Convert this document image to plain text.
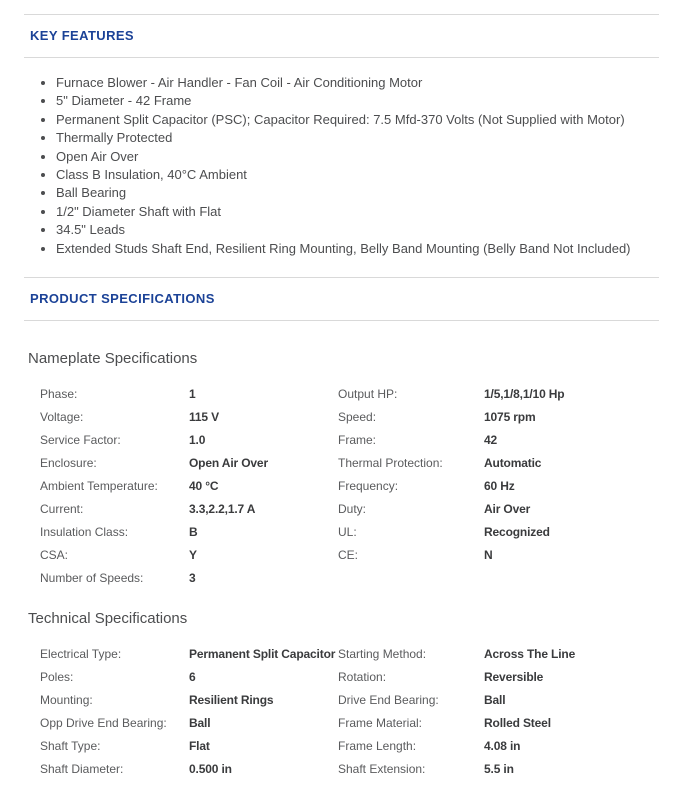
KEY FEATURES
• Furnace Blower - Air Handler - Fan Coil - Air Conditioning Motor
• 5" Diameter - 42 Frame
• Permanent Split Capacitor (PSC); Capacitor Required: 7.5 Mfd-370 Volts (Not Supplied with Motor)
• Thermally Protected
• Open Air Over
• Class B Insulation, 40°C Ambient
• Ball Bearing
• 1/2" Diameter Shaft with Flat
• 34.5" Leads
• Extended Studs Shaft End, Resilient Ring Mounting, Belly Band Mounting (Belly Band Not Included)
PRODUCT SPECIFICATIONS
Nameplate Specifications
Phase:	1	Output HP:	1/5,1/8,1/10 Hp
Voltage:	115 V	Speed:	1075 rpm
Service Factor:	1.0	Frame:	42
Enclosure:	Open Air Over	Thermal Protection:	Automatic
Ambient Temperature:	40 °C	Frequency:	60 Hz
Current:	3.3,2.2,1.7 A	Duty:	Air Over
Insulation Class:	B	UL:	Recognized
CSA:	Y	CE:	N
Number of Speeds:	3
Technical Specifications
Electrical Type:	Permanent Split Capacitor Starting Method:	Across The Line
Poles:	6	Rotation:	Reversible
Mounting:	Resilient Rings	Drive End Bearing:	Ball
Opp Drive End Bearing:	Ball	Frame Material:	Rolled Steel
Shaft Type:	Flat	Frame Length:	4.08 in
Shaft Diameter:	0.500 in	Shaft Extension:	5.5 in
